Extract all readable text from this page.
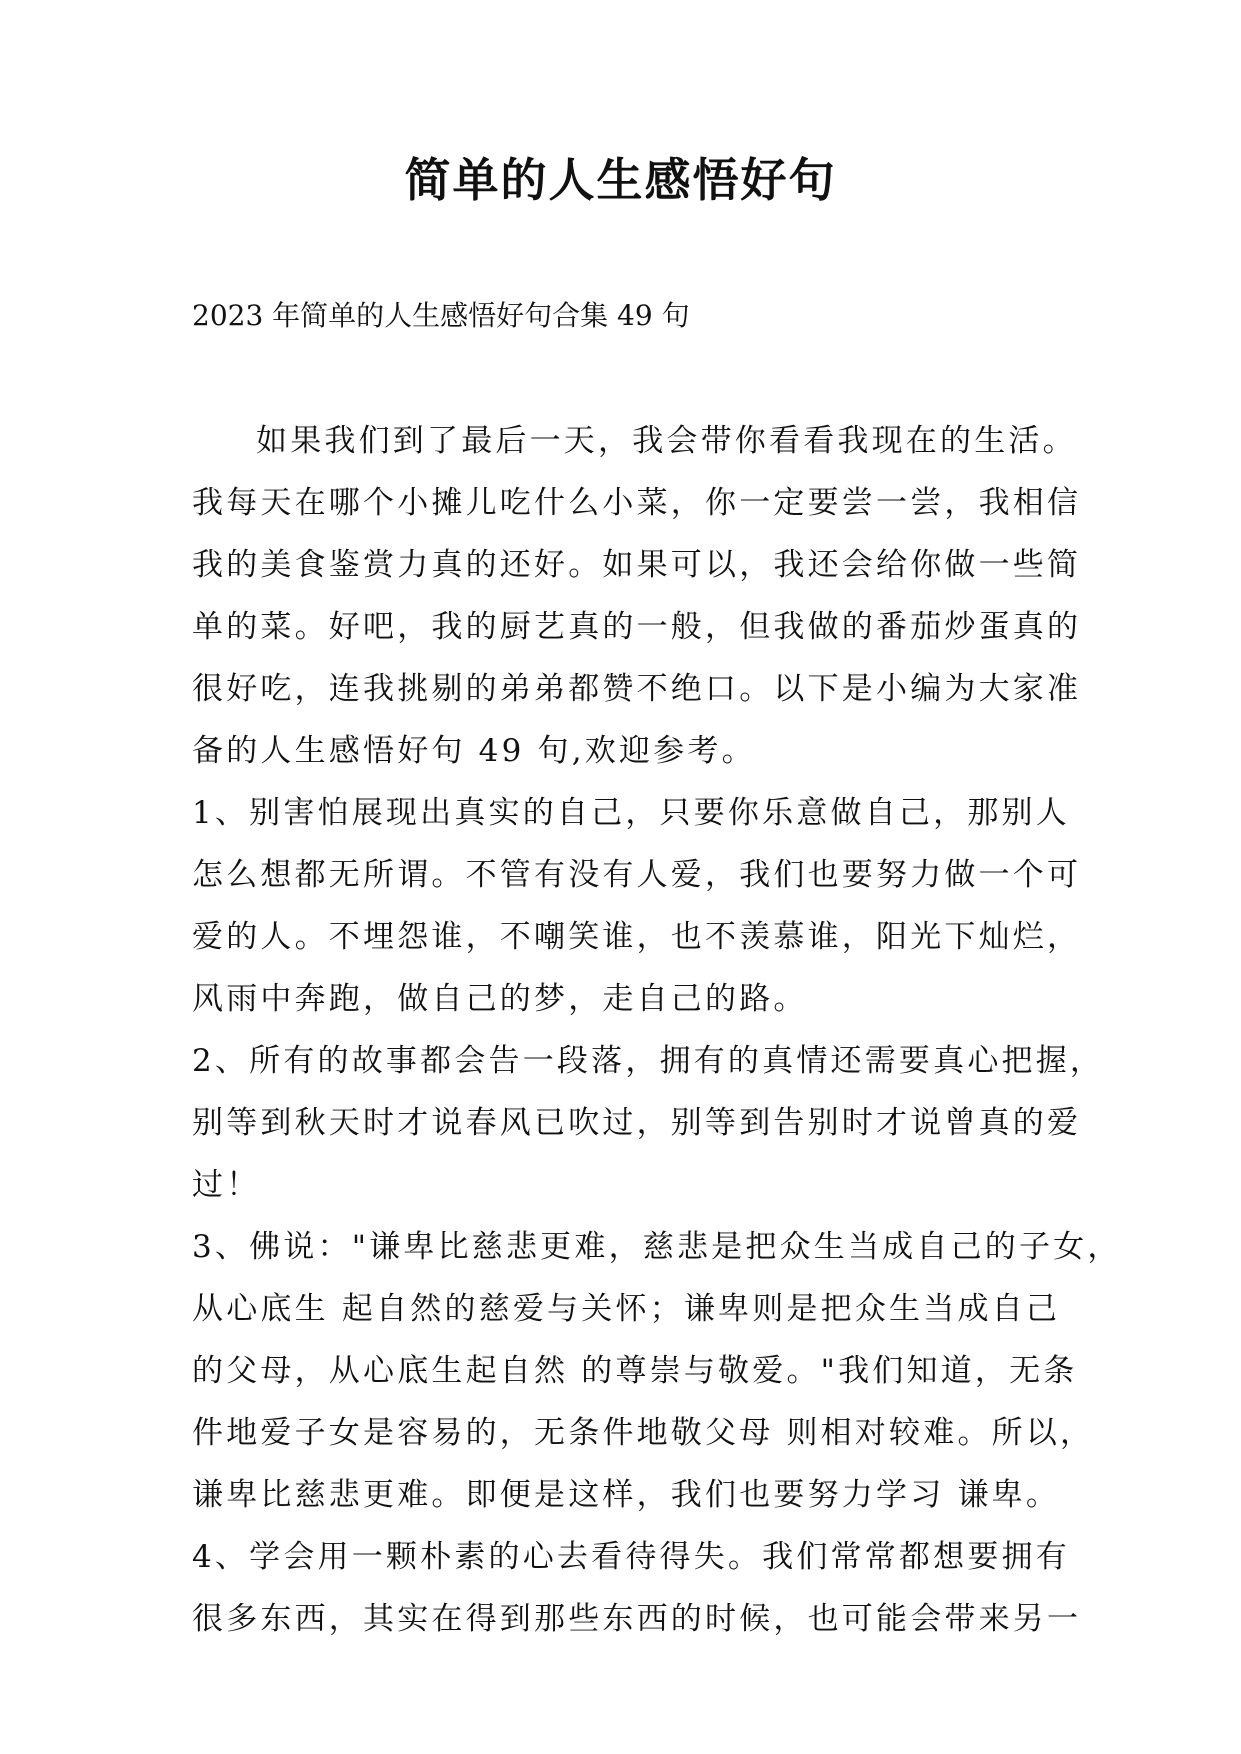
简单的人生感悟好句

2023 年简单的人生感悟好句合集 49 句

如果我们到了最后一天，我会带你看看我现在的生活。
我每天在哪个小摊儿吃什么小菜，你一定要尝一尝，我相信
我的美食鉴赏力真的还好。如果可以，我还会给你做一些简
单的菜。好吧，我的厨艺真的一般，但我做的番茄炒蛋真的
很好吃，连我挑剔的弟弟都赞不绝口。以下是小编为大家准
备的人生感悟好句 49 句,欢迎参考。
1、别害怕展现出真实的自己，只要你乐意做自己，那别人
怎么想都无所谓。不管有没有人爱，我们也要努力做一个可
爱的人。不埋怨谁，不嘲笑谁，也不羡慕谁，阳光下灿烂，
风雨中奔跑，做自己的梦，走自己的路。
2、所有的故事都会告一段落，拥有的真情还需要真心把握，
别等到秋天时才说春风已吹过，别等到告别时才说曾真的爱
过！
3、佛说："谦卑比慈悲更难，慈悲是把众生当成自己的子女，
从心底生 起自然的慈爱与关怀；谦卑则是把众生当成自己
的父母，从心底生起自然 的尊崇与敬爱。"我们知道，无条
件地爱子女是容易的，无条件地敬父母 则相对较难。所以，
谦卑比慈悲更难。即便是这样，我们也要努力学习 谦卑。
4、学会用一颗朴素的心去看待得失。我们常常都想要拥有
很多东西，其实在得到那些东西的时候，也可能会带来另一
